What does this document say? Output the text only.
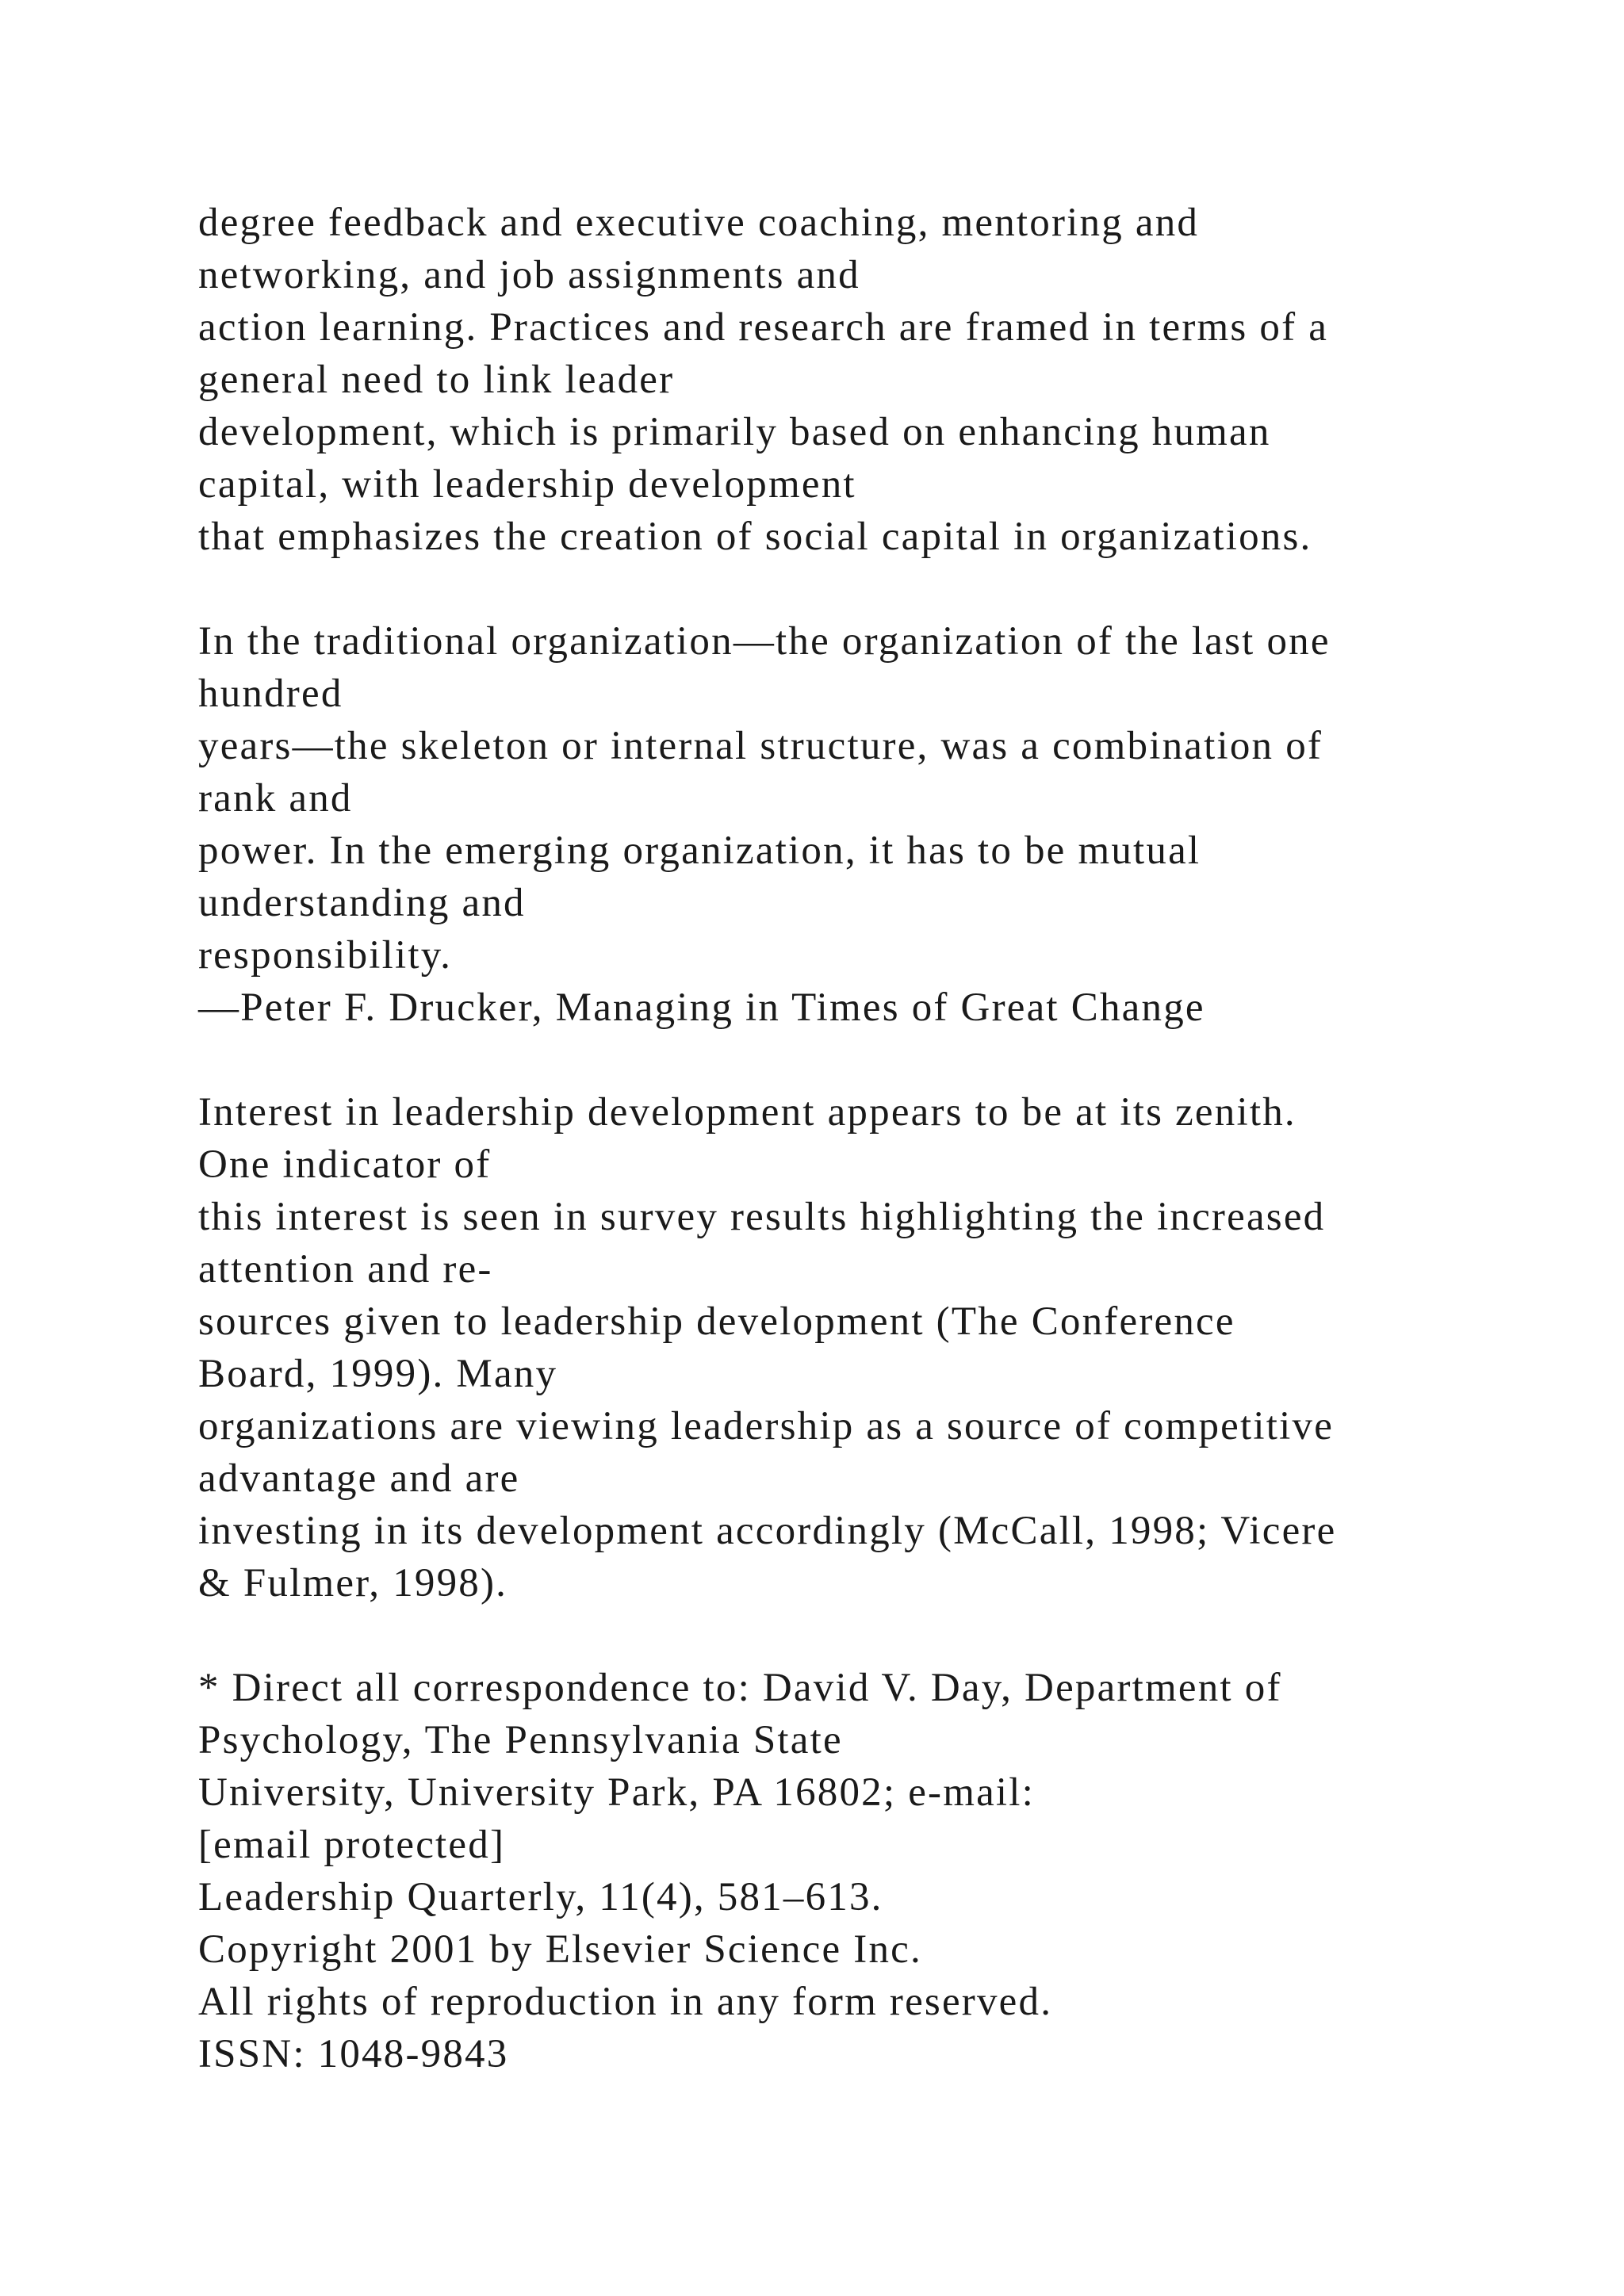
degree feedback and executive coaching, mentoring and
networking, and job assignments and
action learning. Practices and research are framed in terms of a
general need to link leader
development, which is primarily based on enhancing human
capital, with leadership development
that emphasizes the creation of social capital in organizations.
In the traditional organization—the organization of the last one
hundred
years—the skeleton or internal structure, was a combination of
rank and
power. In the emerging organization, it has to be mutual
understanding and
responsibility.
—Peter F. Drucker, Managing in Times of Great Change
Interest in leadership development appears to be at its zenith.
One indicator of
this interest is seen in survey results highlighting the increased
attention and re-
sources given to leadership development (The Conference
Board, 1999). Many
organizations are viewing leadership as a source of competitive
advantage and are
investing in its development accordingly (McCall, 1998; Vicere
& Fulmer, 1998).
* Direct all correspondence to: David V. Day, Department of
Psychology, The Pennsylvania State
University, University Park, PA 16802; e-mail:
[email protected]
Leadership Quarterly, 11(4), 581–613.
Copyright 2001 by Elsevier Science Inc.
All rights of reproduction in any form reserved.
ISSN: 1048-9843
